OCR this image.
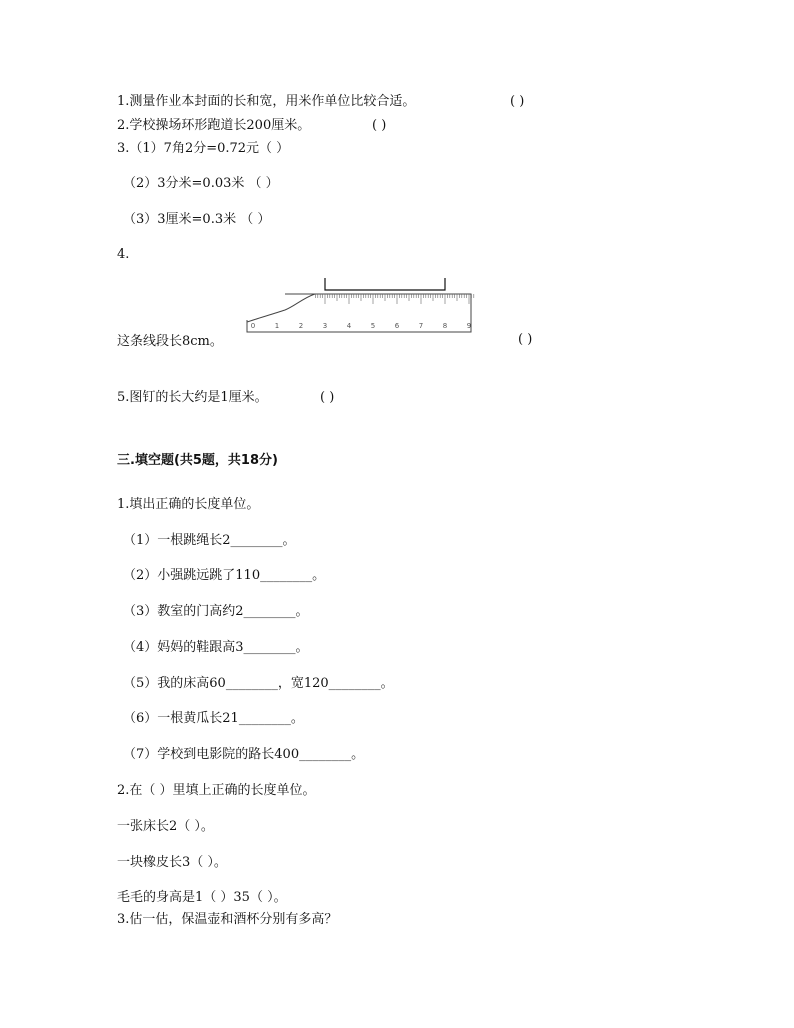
1.测量作业本封面的长和宽，用米作单位比较合适。	( )
2.学校操场环形跑道长200厘米。	( )
3.（1）7角2分=0.72元（ ）
（2）3分米=0.03米 （ ）
（3）3厘米=0.3米 （ ）
4.
0	1	2	3	4	5	6	7	8	9
这条线段长8cm。	( )
5.图钉的长大约是1厘米。	( )
三.填空题(共5题，共18分)
1.填出正确的长度单位。
（1）一根跳绳长2________。
（2）小强跳远跳了110________。
（3）教室的门高约2________。
（4）妈妈的鞋跟高3________。
（5）我的床高60________，宽120________。
（6）一根黄瓜长21________。
（7）学校到电影院的路长400________。
2.在（ ）里填上正确的长度单位。
一张床长2（ ）。
一块橡皮长3（ ）。
毛毛的身高是1（ ）35（ ）。
3.估一估，保温壶和酒杯分别有多高？
